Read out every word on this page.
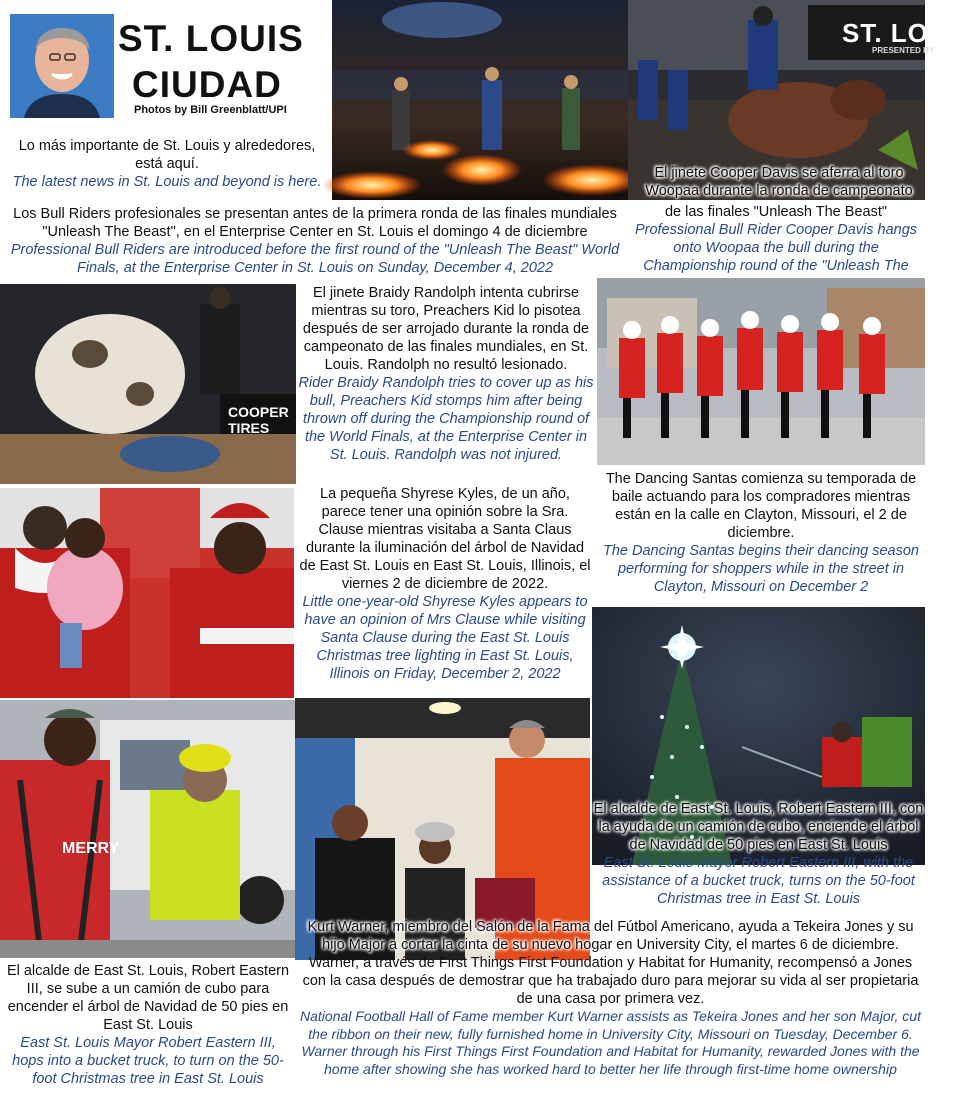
ST. LOUIS
CIUDAD
Photos by Bill Greenblatt/UPI
Lo más importante de St. Louis y alrededores, está aquí.
The latest news in St. Louis and beyond is here.
ST. LOUIS
PRESENTED BY
El jinete Cooper Davis se aferra al toro Woopaa durante la ronda de campeonato
Los Bull Riders profesionales se presentan antes de la primera ronda de las finales mundiales "Unleash The Beast", en el Enterprise Center en St. Louis el domingo 4 de diciembre
Professional Bull Riders are introduced before the first round of the "Unleash The Beast" World Finals, at the Enterprise Center in St. Louis on Sunday, December 4, 2022
de las finales "Unleash The Beast"
Professional Bull Rider Cooper Davis hangs onto Woopaa the bull during the Championship round of the "Unleash The
COOPER TIRES
El jinete Braidy Randolph intenta cubrirse mientras su toro, Preachers Kid lo pisotea después de ser arrojado durante la ronda de campeonato de las finales mundiales, en St. Louis. Randolph no resultó lesionado.
Rider Braidy Randolph tries to cover up as his bull, Preachers Kid stomps him after being thrown off during the Championship round of the World Finals, at the Enterprise Center in St. Louis. Randolph was not injured.
The Dancing Santas comienza su temporada de baile actuando para los compradores mientras están en la calle en Clayton, Missouri, el 2 de diciembre.
The Dancing Santas begins their dancing season performing for shoppers while in the street in Clayton, Missouri on December 2
La pequeña Shyrese Kyles, de un año, parece tener una opinión sobre la Sra. Clause mientras visitaba a Santa Claus durante la iluminación del árbol de Navidad de East St. Louis en East St. Louis, Illinois, el viernes 2 de diciembre de 2022.
Little one-year-old Shyrese Kyles appears to have an opinion of Mrs Clause while visiting Santa Clause during the East St. Louis Christmas tree lighting in East St. Louis, Illinois on Friday, December 2, 2022
El alcalde de East St. Louis, Robert Eastern III, con la ayuda de un camión de cubo, enciende el árbol de Navidad de 50 pies en East St. Louis
East St. Louis Mayor Robert Eastern III, with the assistance of a bucket truck, turns on the 50-foot Christmas tree in East St. Louis
MERRY
El alcalde de East St. Louis, Robert Eastern III, se sube a un camión de cubo para encender el árbol de Navidad de 50 pies en East St. Louis
East St. Louis Mayor Robert Eastern III, hops into a bucket truck, to turn on the 50-foot Christmas tree in East St. Louis
Kurt Warner, miembro del Salón de la Fama del Fútbol Americano, ayuda a Tekeira Jones y su hijo Major a cortar la cinta de su nuevo hogar en University City, el martes 6 de diciembre. Warner, a través de First Things First Foundation y Habitat for Humanity, recompensó a Jones con la casa después de demostrar que ha trabajado duro para mejorar su vida al ser propietaria de una casa por primera vez.
National Football Hall of Fame member Kurt Warner assists as Tekeira Jones and her son Major, cut the ribbon on their new, fully furnished home in University City, Missouri on Tuesday, December 6. Warner through his First Things First Foundation and Habitat for Humanity, rewarded Jones with the home after showing she has worked hard to better her life through first-time home ownership
